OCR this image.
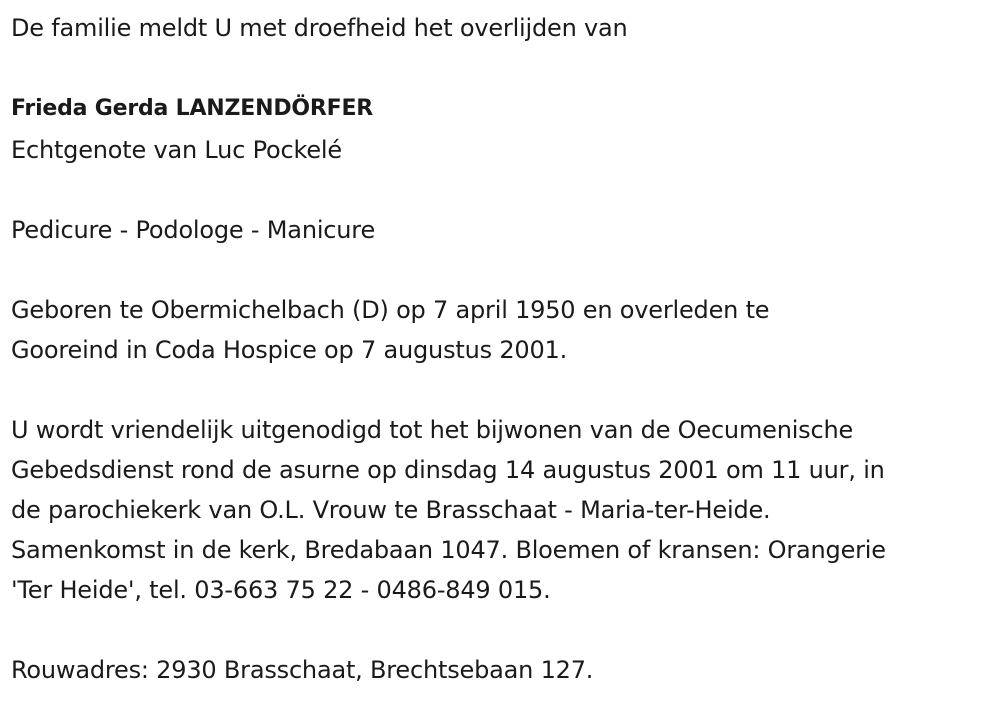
De familie meldt U met droefheid het overlijden van
Frieda Gerda LANZENDÖRFER
Echtgenote van Luc Pockelé
Pedicure - Podologe - Manicure
Geboren te Obermichelbach (D) op 7 april 1950 en overleden te
Gooreind in Coda Hospice op 7 augustus 2001.
U wordt vriendelijk uitgenodigd tot het bijwonen van de Oecumenische
Gebedsdienst rond de asurne op dinsdag 14 augustus 2001 om 11 uur, in
de parochiekerk van O.L. Vrouw te Brasschaat - Maria-ter-Heide.
Samenkomst in de kerk, Bredabaan 1047. Bloemen of kransen: Orangerie
'Ter Heide', tel. 03-663 75 22 - 0486-849 015.
Rouwadres: 2930 Brasschaat, Brechtsebaan 127.
